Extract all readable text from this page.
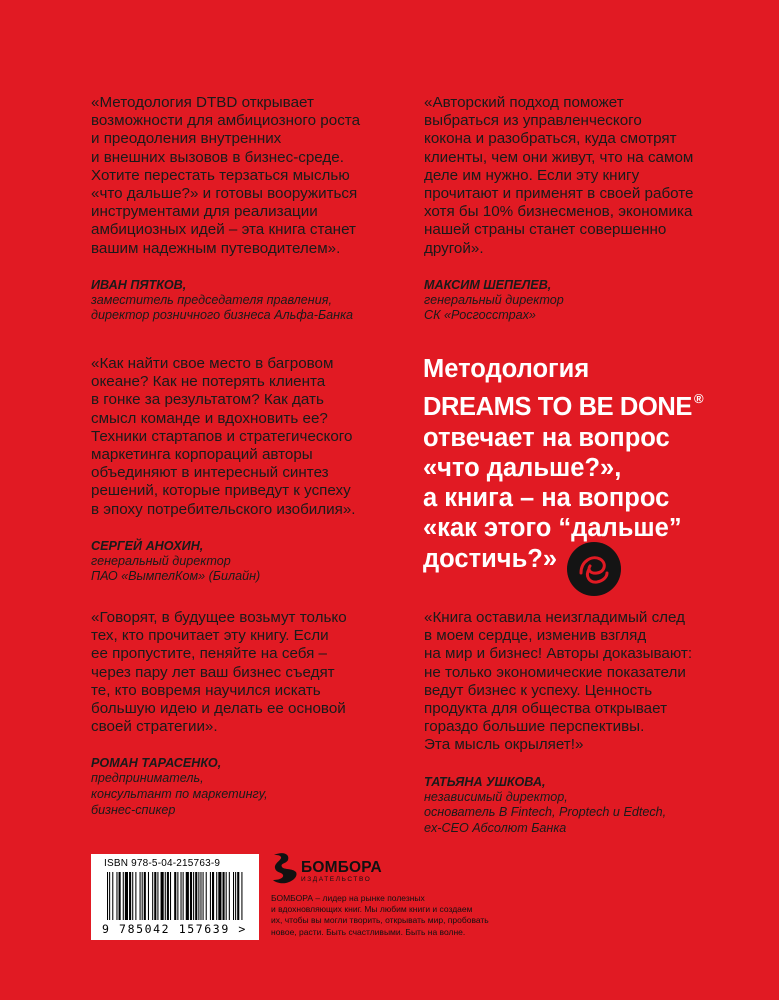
«Методология DTBD открывает
возможности для амбициозного роста
и преодоления внутренних
и внешних вызовов в бизнес-среде.
Хотите перестать терзаться мыслью
«что дальше?» и готовы вооружиться
инструментами для реализации
амбициозных идей – эта книга станет
вашим надежным путеводителем».

ИВАН ПЯТКОВ,

заместитель председателя правления,
директор розничного бизнеса Альфа-Банка

«Авторский подход поможет
выбраться из управленческого
кокона и разобраться, куда смотрят
клиенты, чем они живут, что на самом
деле им нужно. Если эту книгу
прочитают и применят в своей работе
хотя бы 10% бизнесменов, экономика
нашей страны станет совершенно
другой».

МАКСИМ ШЕПЕЛЕВ,

генеральный директор
СК «Росгосстрах»

«Как найти свое место в багровом
океане? Как не потерять клиента
в гонке за результатом? Как дать
смысл команде и вдохновить ее?
Техники стартапов и стратегического
маркетинга корпораций авторы
объединяют в интересный синтез
решений, которые приведут к успеху
в эпоху потребительского изобилия».

СЕРГЕЙ АНОХИН,

генеральный директор
ПАО «ВымпелКом» (Билайн)

Методология
DREAMS TO BE DONE ®
отвечает на вопрос
«что дальше?»,
а книга – на вопрос
«как этого “дальше”
достичь?»

«Говорят, в будущее возьмут только
тех, кто прочитает эту книгу. Если
ее пропустите, пеняйте на себя –
через пару лет ваш бизнес съедят
те, кто вовремя научился искать
большую идею и делать ее основой
своей стратегии».

РОМАН ТАРАСЕНКО,

предприниматель,
консультант по маркетингу,
бизнес-спикер

«Книга оставила неизгладимый след
в моем сердце, изменив взгляд
на мир и бизнес! Авторы доказывают:
не только экономические показатели
ведут бизнес к успеху. Ценность
продукта для общества открывает
гораздо большие перспективы.
Эта мысль окрыляет!»

ТАТЬЯНА УШКОВА,

независимый директор,
основатель B Fintech, Proptech и Edtech,
ex-CEO Абсолют Банка

ISBN 978-5-04-215763-9
9 785042 157639 >
БОМБОРА
ИЗДАТЕЛЬСТВО
БОМБОРА – лидер на рынке полезных
и вдохновляющих книг. Мы любим книги и создаем
их, чтобы вы могли творить, открывать мир, пробовать
новое, расти. Быть счастливыми. Быть на волне.
